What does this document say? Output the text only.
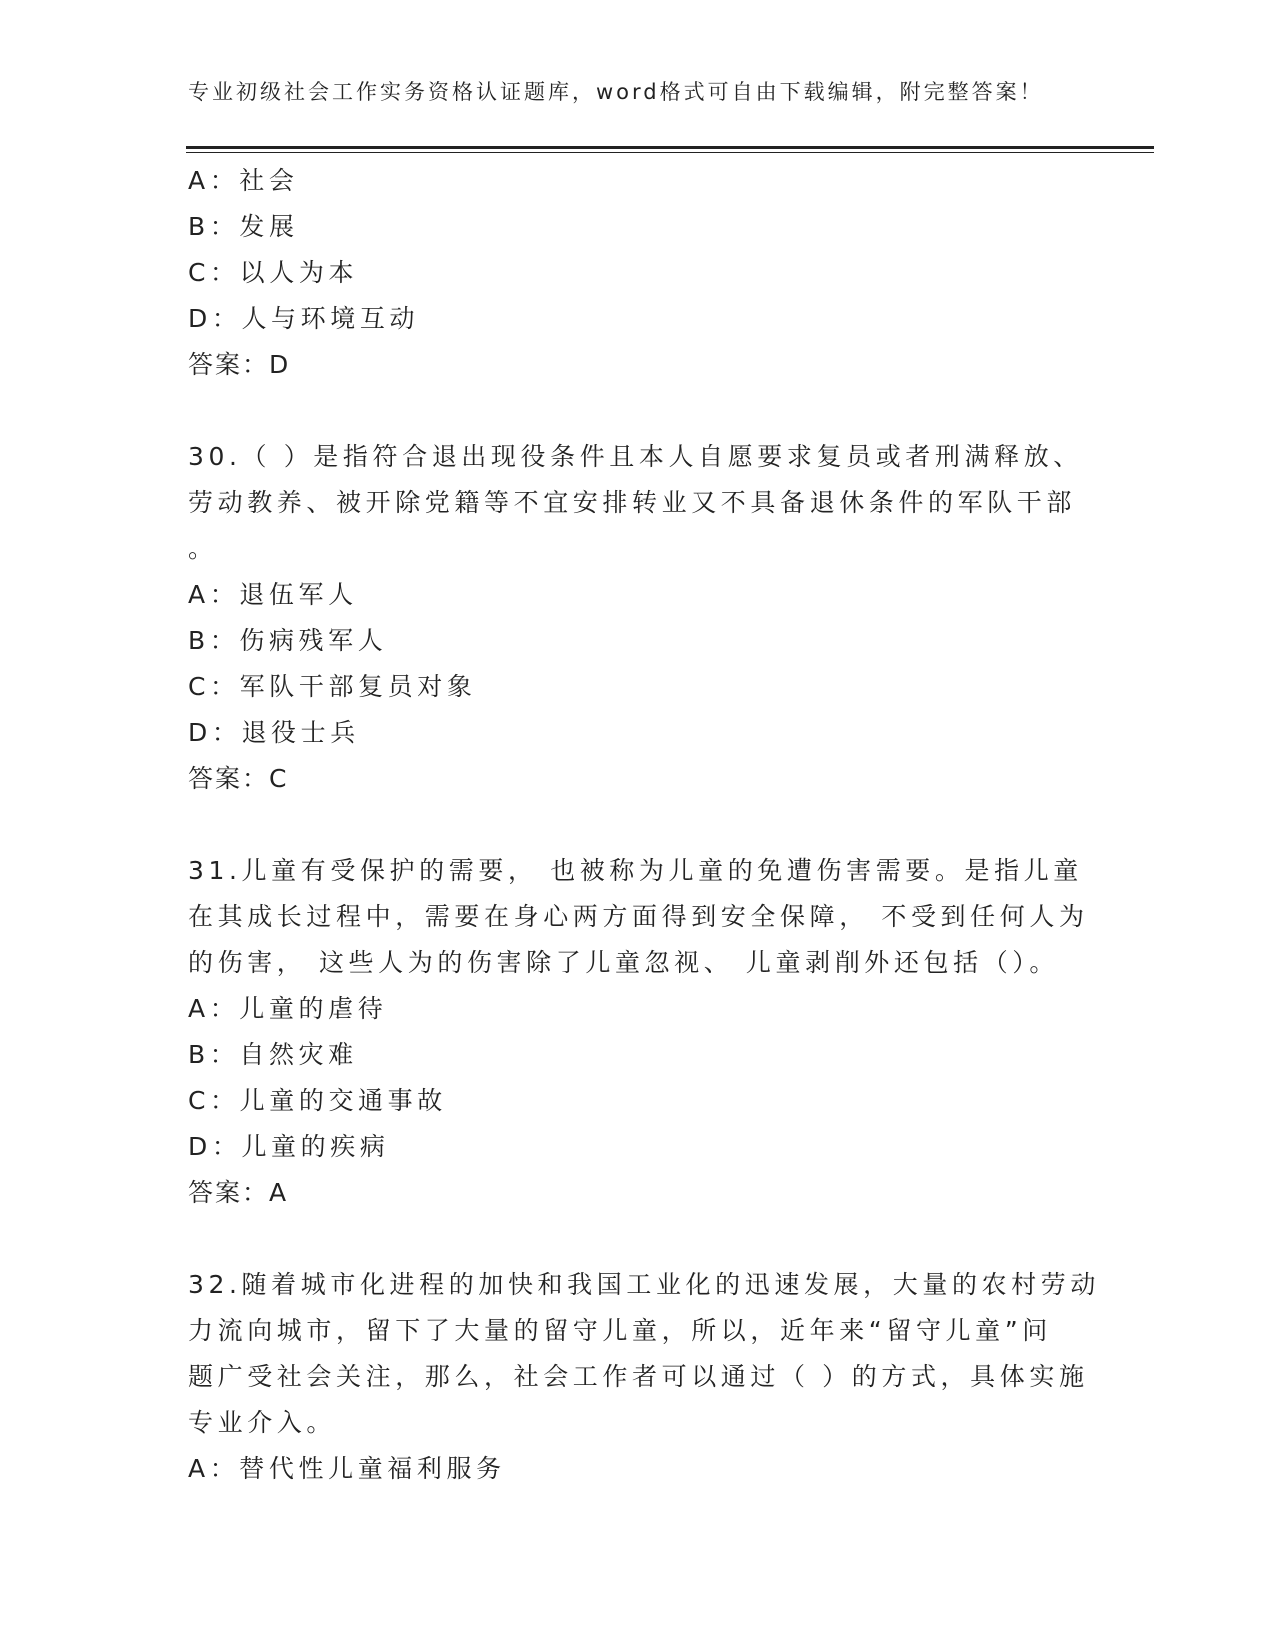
专业初级社会工作实务资格认证题库，word格式可自由下载编辑，附完整答案！
A：社会
B：发展
C：以人为本
D：人与环境互动
答案：D
30.（ ）是指符合退出现役条件且本人自愿要求复员或者刑满释放、
劳动教养、被开除党籍等不宜安排转业又不具备退休条件的军队干部
。
A：退伍军人
B：伤病残军人
C：军队干部复员对象
D：退役士兵
答案：C
31.儿童有受保护的需要， 也被称为儿童的免遭伤害需要。是指儿童
在其成长过程中，需要在身心两方面得到安全保障， 不受到任何人为
的伤害， 这些人为的伤害除了儿童忽视、 儿童剥削外还包括（）。
A：儿童的虐待
B：自然灾难
C：儿童的交通事故
D：儿童的疾病
答案：A
32.随着城市化进程的加快和我国工业化的迅速发展，大量的农村劳动
力流向城市，留下了大量的留守儿童，所以，近年来“留守儿童”问
题广受社会关注，那么，社会工作者可以通过（ ）的方式，具体实施
专业介入。
A：替代性儿童福利服务
